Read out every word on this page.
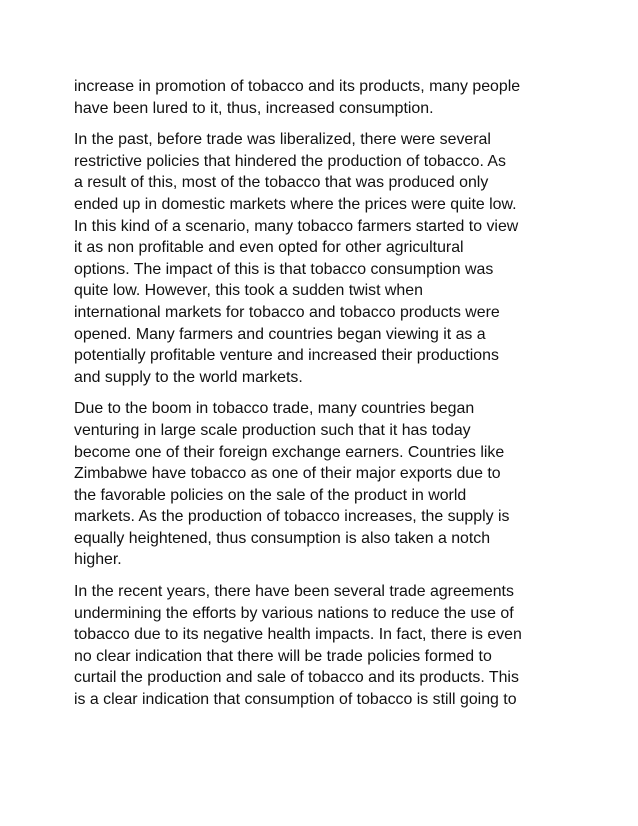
increase in promotion of tobacco and its products, many people
have been lured to it, thus, increased consumption.
In the past, before trade was liberalized, there were several
restrictive policies that hindered the production of tobacco. As
a result of this, most of the tobacco that was produced only
ended up in domestic markets where the prices were quite low.
In this kind of a scenario, many tobacco farmers started to view
it as non profitable and even opted for other agricultural
options. The impact of this is that tobacco consumption was
quite low. However, this took a sudden twist when
international markets for tobacco and tobacco products were
opened. Many farmers and countries began viewing it as a
potentially profitable venture and increased their productions
and supply to the world markets.
Due to the boom in tobacco trade, many countries began
venturing in large scale production such that it has today
become one of their foreign exchange earners. Countries like
Zimbabwe have tobacco as one of their major exports due to
the favorable policies on the sale of the product in world
markets. As the production of tobacco increases, the supply is
equally heightened, thus consumption is also taken a notch
higher.
In the recent years, there have been several trade agreements
undermining the efforts by various nations to reduce the use of
tobacco due to its negative health impacts. In fact, there is even
no clear indication that there will be trade policies formed to
curtail the production and sale of tobacco and its products. This
is a clear indication that consumption of tobacco is still going to
